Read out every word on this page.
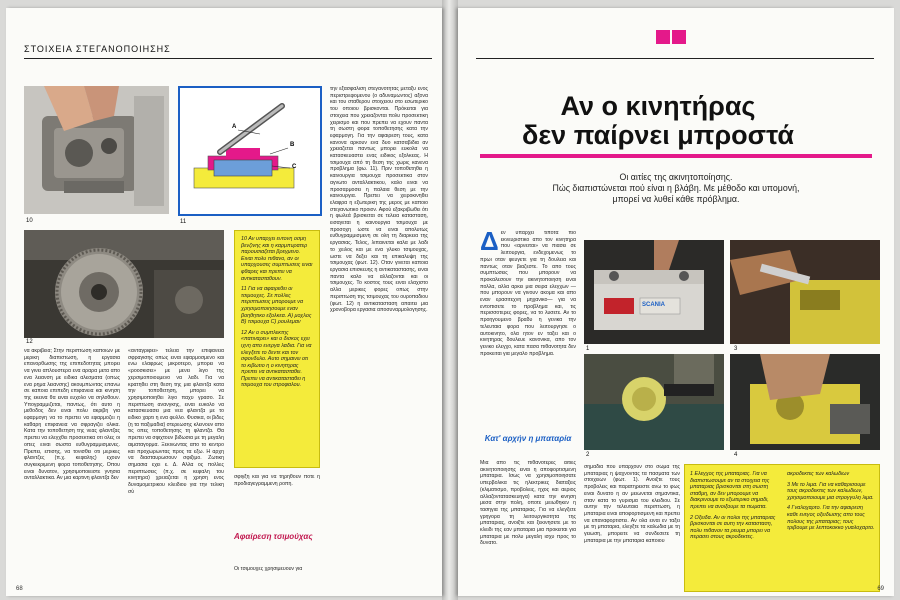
ΣΤΟΙΧΕΙΑ ΣΤΕΓΑΝΟΠΟΙΗΣΗΣ
10
A
B
C
11
12

10 Αν υπαρχει εντονη οσμη βενζινης και η καρμπυρατερ παρουσιαζεται βρεγμενο. Ειναι πολυ πιθανο, αν οι υπαρχουσες συμπτωσεις ειναι φθαρες και πρεπει να αντικατασταθουν.

11 Για να αφαιρεθει οι τσιμουχες. Σε πολλες περιπτωσεις μπορουμε να χρησιμοποιησουμε εναν βοηθητικο εξολκεα. Α) μοχλος Β) τσιμουχα C) ρουλεμαν

12 Αν ο συμπλεκτης «πατιναρει» και ο δισκος εχει ιχνη απο ενεργα λαδια. Για να ελεγξετε το δεντε και τον σφονδυλο. Αυτο σημαινει οτι το κιβωτιο η ο κινητηρας πρεπει να αντικατασταθει. Πρεπει να αντικατασταθει η τσιμουχα του στροφαλου.

να ακριβεια; Στην περιπτωση καποιων με μερικη διαπιστωση, η εργασια επανορθωσης της επιπεδοτητας μπορει να γινει απλουστερα ενα αραρα μετα απο ενα λειανση με ειδικα αλεσματα (οπως ενα ρημα λειανσης) ακουμπωντας επανω σε καποια επιπεδη επιφανεια και κινηση της εκεινα θα ειναι ευχολο να σηλοθουν. Υπογραμμιζεται, παντως, ότι αυτο η μεθοδος δεν ειναι πολυ ακριβη για εφαρμογη να το πρεπει να εφαρμοζει η καθαρη επιφανεια να σφραγιζει ολικα. Κατα την τοποθετηση της νεας φλαντζας πρεπει να ελεγχθει προσεκτικα οτι ολες οι οπες ειναι σωστα ευθυγραμμισμενες. Πρεπει, επισης, να τονισθει οτι μερικες φλαντζες (π.χ. κεφαλης) εχουν συγκεκριμενη φορα τοποθετησης. Οπου ειναι δυνατον, χρησιμοποιειστε γνησια ανταλλακτικα. Αν μια καρτινη φλαντζα δεν
«ανταγριφει» τελεια την επιφανεια σφραγισης οπως ειναι εφαρμοσμενο και ενω ελαφρως μικροτερο, μπορει να «ροοσκισει» με μενει λιγο της χερσιμοποιουμενο να λαδι. Για να κρατηθει στη θεση της μια φλαντζα κατα την τοποθετηση, μπορει να χρησιμοποιηθει λιγο παχυ γρασο. Σε περιπτωση ανανγκης, ειναι ευκολο να κατασκευασει μια νεα φλαντζα με το ειδικο χαρτι η ενα φυλλο. Φυσικα, οι βιδες (η τα παξιμαδια) στερεωσης κλεινουν απο τις οπες τοποθετησης τη φλαντζα. Θα πρεπει να σφιχτουν βιδωσια με τη μεγαλη αιματαγορμα. Ξεκινωντας απο το κεντρο και προχωρωντας προς τα εξω. Η αρχη να διασταυρωσουν σφιξιμο. Ζωτικη σημασια εχει ε. Δ. Αλλα ος πολλες περιπτωσεις (π.χ. σε κεφαλη του κινητηρα) χρειαζεται η χρηση ενος δυναμομετρικου κλειδιου για την τελικη σύ
σφιγξη και για να τηρηθουν ποτε η προδιαγεγραμμενη ροπη.
Αφαίρεση τσιμούχας
Οι τσιμουχες χρησιμευουν για
την εξασφαλιση στεγανοτητας μεταξυ ενος περιστρεφομενου (ο αδυναμωντος) αξονα και του σταθερου στοιχειου στο εσωτερικο του οποιου βρισκονται. Πρόκειται για στοιχεια που χρειαζονται πολυ προσεκτικη χειρισμο και που πρεπει να εχουν παντα τη σωστη φορα τοποθετησης κατα την εφαρμογη. Για την αφαιρεση τους, κατα κανονα αρκουν ενα δυο κατσαβιδια αν χρειαζεται παντως μπορει ευκολα να κατασκευαστει ενας ειδικος εξολκεας. Η τσιμουχα από τη θεση της χωρις κανενα προβλημα (φω. 11). Πριν τοποθετηθει η καινουργια τσιμουχα προσεκτικα στον αγνωτο ανταλλακτικου, καλο ειναι να προσαρμοσει η παλαια θεση με την καινουργια. Πρεπει να χειροκινηθει ελαφρα η εξωτερικη της μερος με καποιο στεγανωτικο προιον. Αφού εξακριβωθει ότι η φωλεά βρισκεται σε τελεια κατασταση, εισαγεται η καινουργια τσιμουχα με προσοχη ωστε να ειναι απολυτως ευθυγραμμισμενη σε ολη τη διαρκεια της εργασιας. Τελος, λιπαινεται καλα με λαδι το χειλος και με ενα γλυκο τσιμουχας, ωστε να δεξει και τη επικαλυψη της τσιμουχας (φωτ. 12). Οταν γινεται καποια εργασια επισκευης η αντικαταστασης, ειναι παντα καλο να αλλαζονται και οι τσιμουχες. Το κοστος τους ειναι ελαχιστο αλλα μερικες φορες οπως στην περιπτωση της τσιμουχας του ουροπαδιου (φωτ. 12) η αντικατασταση απαιτει μια χρονοβορα εργασια αποσυναρμολογησης.
68
Αν ο κινητήρας
δεν παίρνει μπροστά
Οι αιτίες της ακινητοποίησης.
Πώς διαπιστώνεται πού είναι η βλάβη. Με μέθοδο και υπομονή,
μπορεί να λυθεί κάθε πρόβλημα.
Δεν υπαρχει τιποτα πιο εκνευριστικο απο τον κινητηρα που «αρνειται» να πιασει σε λειτουργια, ενδεχομενως το πρωι οταν φευγετε για τη δουλεια και παντως οταν βιαζεστε. Το απο τους συμπτωσεις που μπορουν να προκαλεσουν την ακινητοποιηση ειναι πολλα, αλλα αρκει μια σειρα ελεγχων —που μπορουν να γινουν ακομα και απο εναν ερασιτεχνη μηχανικο— για να εντοπισετε το προβλημα και, τις περισσοτερες φορες, να το λυσετε. Αν το προηγουμενο βραδυ η γενικα την τελευταια φορα που λειτουργησε ο αυτοκινητο, ολα ητον εν ταξει και ο κινητηρας δουλευε κανονικα, απο τον γενικο ελεγχο, κατα πασα πιθανοτητα δεν προκειται για μεγαλο προβλημα.
Κατ' αρχήν η μπαταρία
Μια απο τις πιθανοτερες αιτιες ακινητοποιησης ειναι η αποφορτισμενη μπαταρια. Ισως να χρησιμοποιησατε υπερβολικα τις ηλεκτρικες διαταξεις (κλιματισμο, προβολεις, ηχος και αεριος αλλαζοντατασκευηγα) κατα την κινηση μεσα στην πολη, οποτε μειωθηκεν η τασηγια της μπαταριας. Για να ελεγξετε γρηγορα τη λειτουργικοτητα της μπαταριας, ανοιξτε και ξεκινησετε με το κλειδι της εαν μπαταρια μια προκειται για μπαταρια με πολυ μεγαλη ισχυ προς το δυνατο.
SCANIA
1	3
2	4
σημαδια που υπαρχουν στο σωμα της μπαταριας η ψαχνοντας τα πασματα των στοιχειων (φωτ. 1). Ανοιξτε τους προβολεις και παρατηρειστε ανω το φως ειναι δυνατο η αν μειωνεται σημαντικα, σταν κατα το γυρισμα του κλειδιου. Σε αυτην την τελευταια περιπτωση, η μπαταρια ειναι αποφορτισμενη και πρεπει να επαναφορτιστει. Αν ολα ειναι εν ταξει με τη μπαταρια, ελεγξτε τα καλωδια με τη γειωση, μπορειτε να συνδεσετε τη μπαταρια με την μπαταρια καποιου

1 Ελεγχος της μπαταριας. Για να διαπιστωσουμε αν τα στοιχεια της μπαταριας βρισκονται στη σωστη σταθμη, αν δεν μπορουμε να διακρινουμε το εξωτερικο σημαδι, πρεπει να ανοιξουμε τα πωματα.

2 Οξειδα. Αν οι πολοι της μπαταριας βρισκονται σε αυτη την κατασταση, πολυ πιθανον τα ρευμα μπορει να περασει στους ακροδεκτες.

ακροδεκτες των καλωδιων

3 Με το λιμα. Για να καθαρισουμε τους ακροδεκτες των καλωδιων, χρησιμοποιουμε μια στρογγυλη λιμα.

4 Γναλοχαρτο. Για την αφαιρεση καθε ενεγος οξειδωσης απο τους πολους της μπαταριας; τους τριβουμε με λεπτοκοκκο γυαλοχαρτο.

69
